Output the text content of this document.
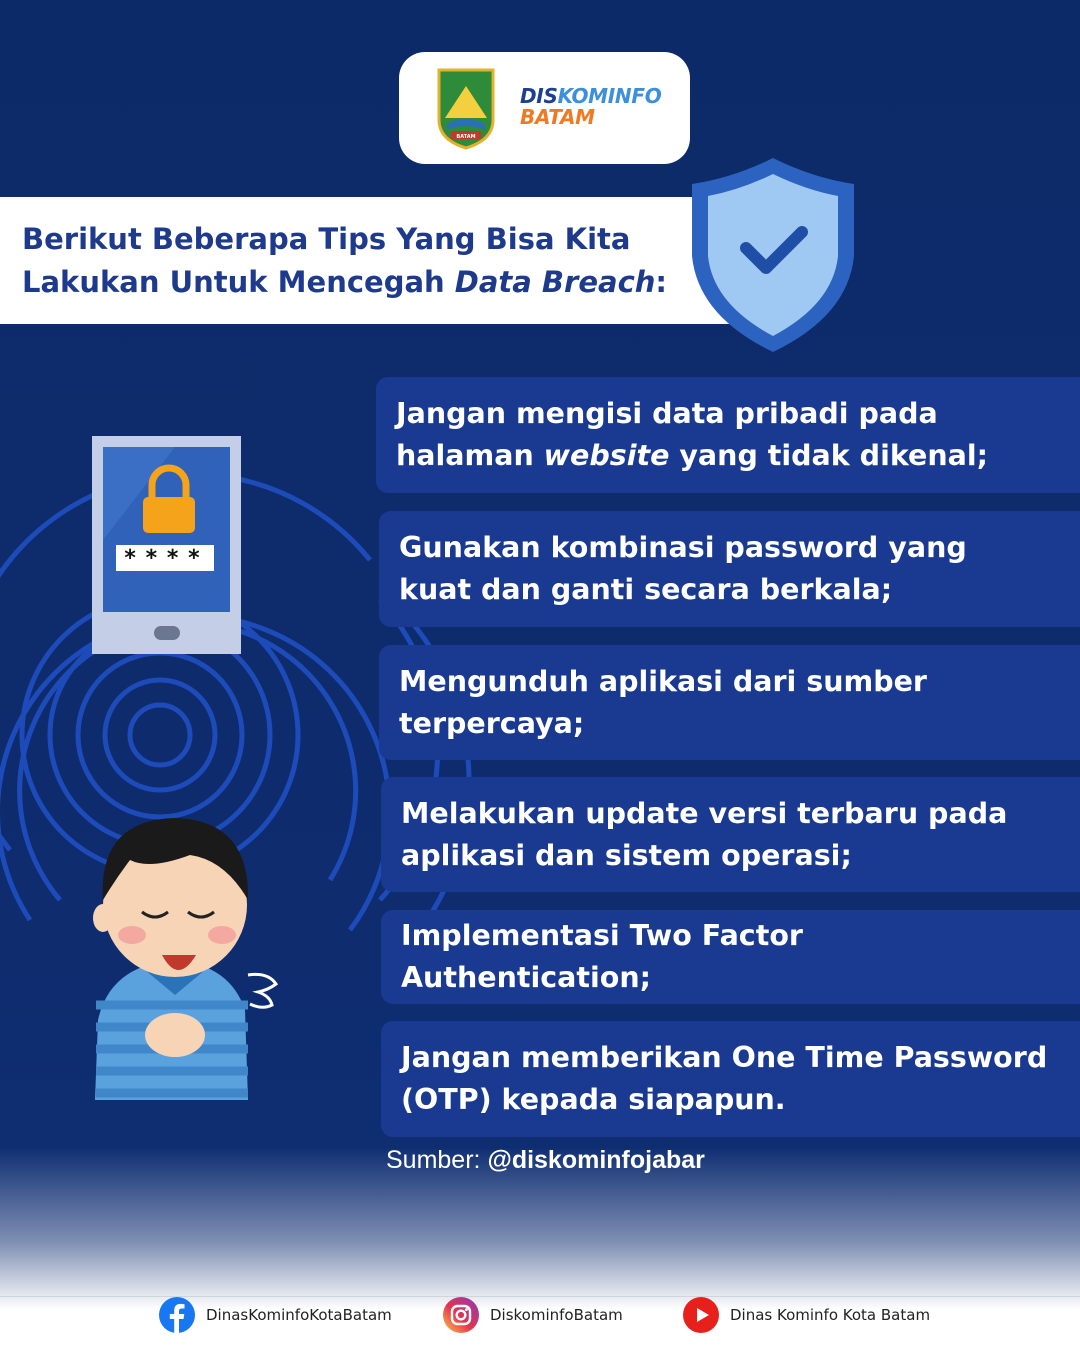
****
BATAM
DISKOMINFO
BATAM
Berikut Beberapa Tips Yang Bisa Kita
Lakukan Untuk Mencegah Data Breach:
Jangan mengisi data pribadi pada
halaman website yang tidak dikenal;
Gunakan kombinasi password yang
kuat dan ganti secara berkala;
Mengunduh aplikasi dari sumber
terpercaya;
Melakukan update versi terbaru pada
aplikasi dan sistem operasi;
Implementasi Two Factor
Authentication;
Jangan memberikan One Time Password
(OTP) kepada siapapun.
Sumber: @diskominfojabar
DinasKominfoKotaBatam	DiskominfoBatam	Dinas Kominfo Kota Batam
